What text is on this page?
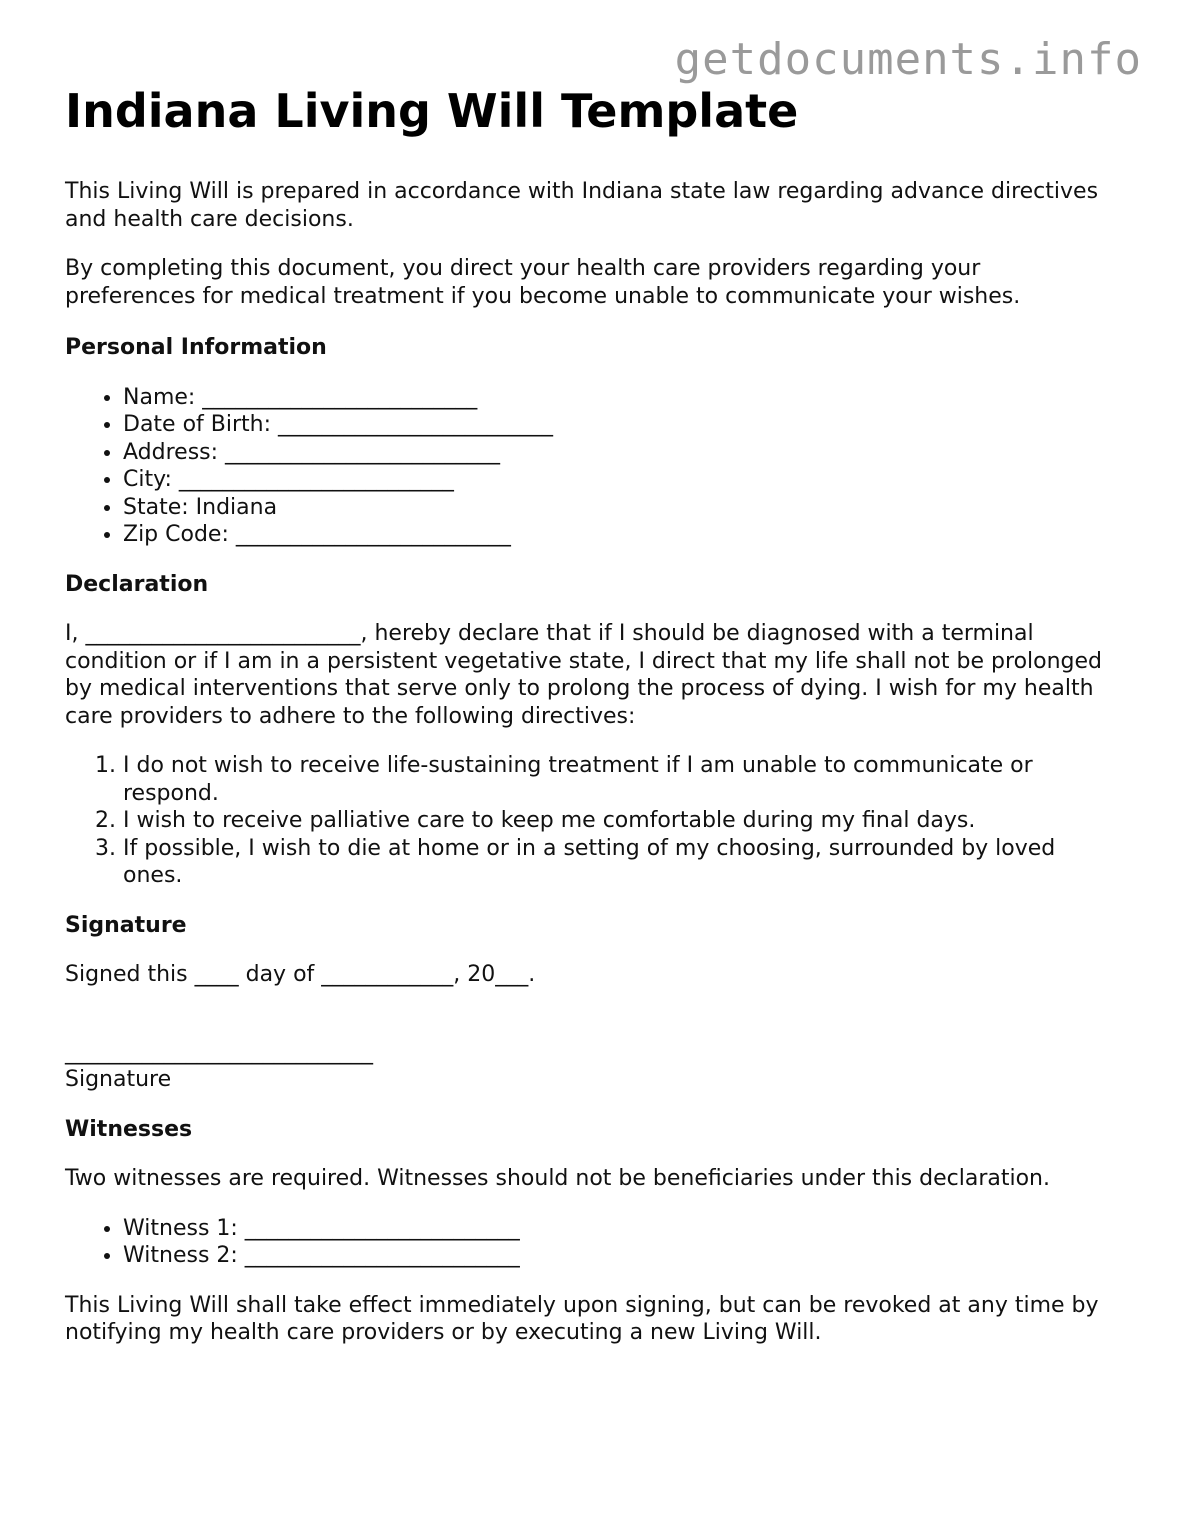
getdocuments.info
Indiana Living Will Template

This Living Will is prepared in accordance with Indiana state law regarding advance directives and health care decisions.

By completing this document, you direct your health care providers regarding your preferences for medical treatment if you become unable to communicate your wishes.

Personal Information
• Name: _________________________
• Date of Birth: _________________________
• Address: _________________________
• City: _________________________
• State: Indiana
• Zip Code: _________________________
Declaration

I, _________________________, hereby declare that if I should be diagnosed with a terminal condition or if I am in a persistent vegetative state, I direct that my life shall not be prolonged by medical interventions that serve only to prolong the process of dying. I wish for my health care providers to adhere to the following directives:

1. I do not wish to receive life-sustaining treatment if I am unable to communicate or respond.
2. I wish to receive palliative care to keep me comfortable during my final days.
3. If possible, I wish to die at home or in a setting of my choosing, surrounded by loved ones.
Signature

Signed this ____ day of ____________, 20___.

____________________________

Signature

Witnesses

Two witnesses are required. Witnesses should not be beneficiaries under this declaration.

• Witness 1: _________________________
• Witness 2: _________________________

This Living Will shall take effect immediately upon signing, but can be revoked at any time by notifying my health care providers or by executing a new Living Will.
